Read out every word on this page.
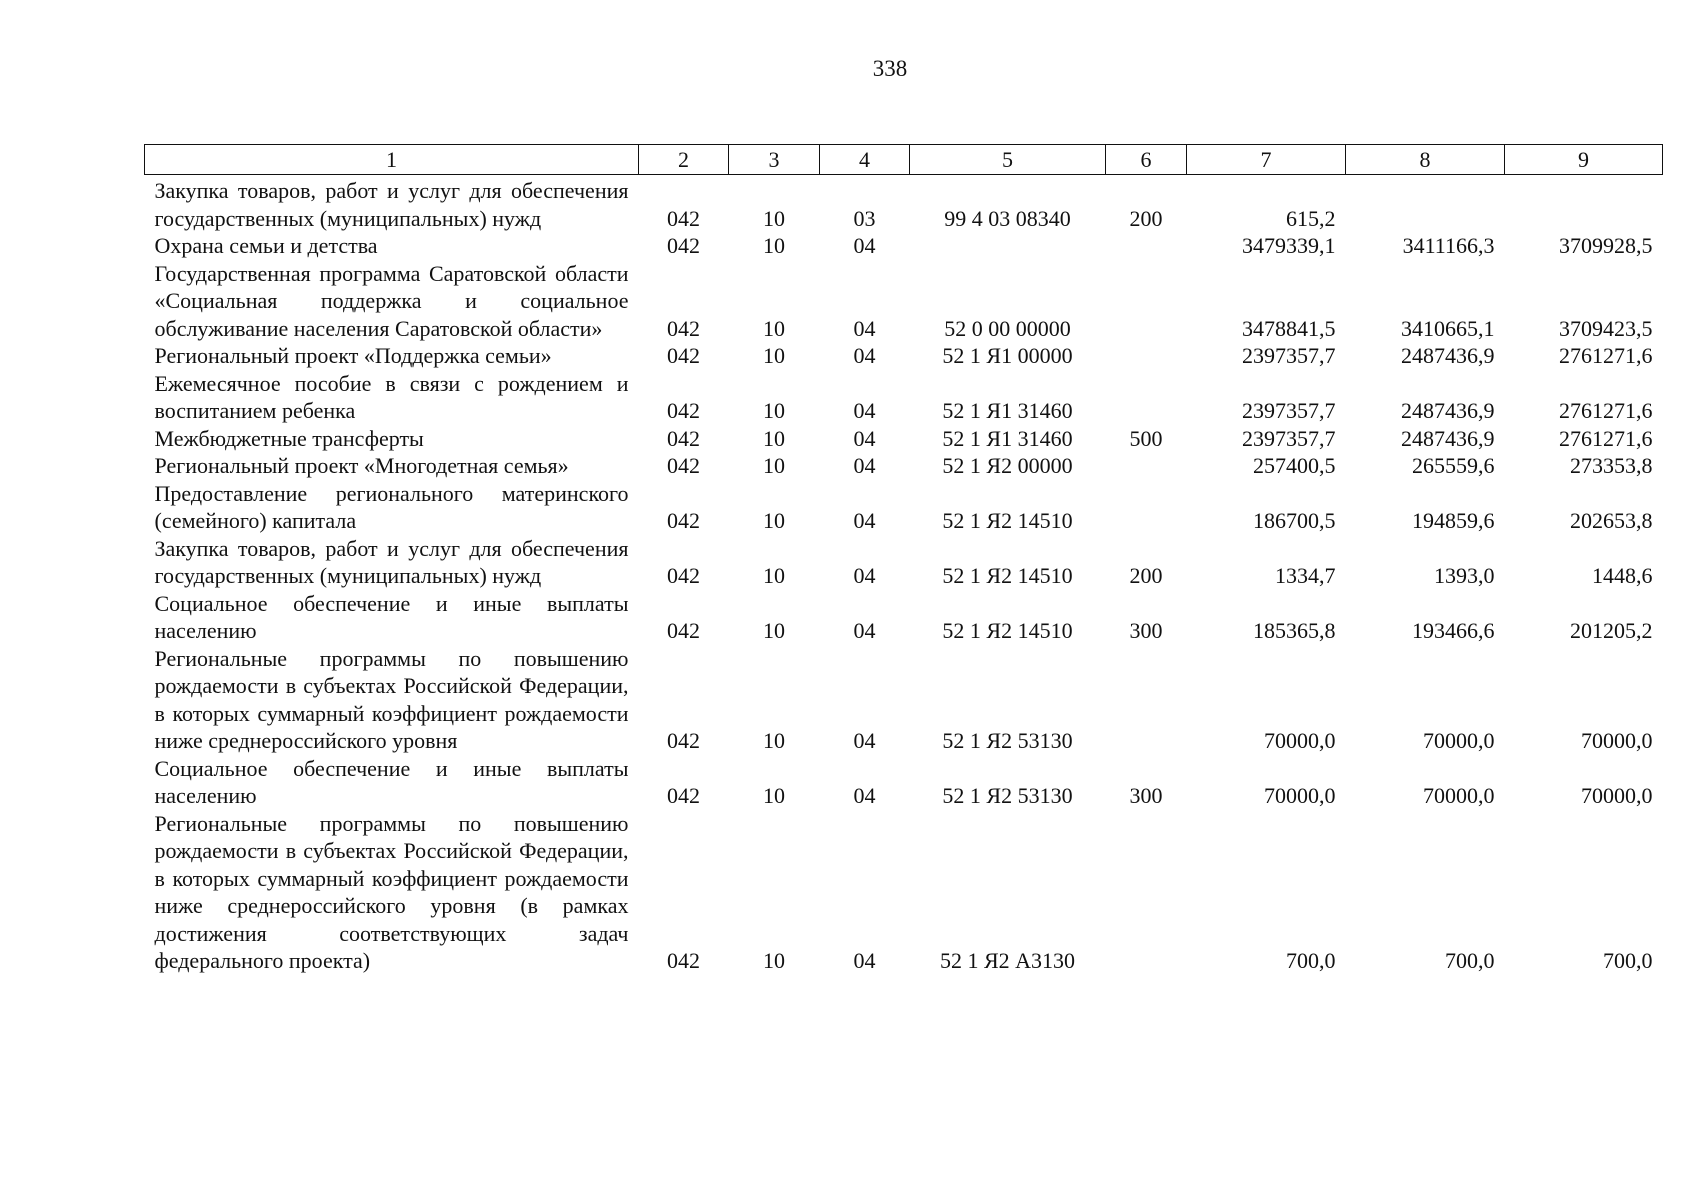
338
1	2	3	4	5	6	7	8	9

Закупка товаров, работ и услуг для обеспечения государственных (муниципальных) нужд	042	10	03	99 4 03 08340	200	615,2		

Охрана семьи и детства	042	10	04			3479339,1	3411166,3	3709928,5

Государственная программа Саратовской области «Социальная поддержка и социальное обслуживание населения Саратовской области»	042	10	04	52 0 00 00000		3478841,5	3410665,1	3709423,5

Региональный проект «Поддержка семьи»	042	10	04	52 1 Я1 00000		2397357,7	2487436,9	2761271,6

Ежемесячное пособие в связи с рождением и воспитанием ребенка	042	10	04	52 1 Я1 31460		2397357,7	2487436,9	2761271,6

Межбюджетные трансферты	042	10	04	52 1 Я1 31460	500	2397357,7	2487436,9	2761271,6

Региональный проект «Многодетная семья»	042	10	04	52 1 Я2 00000		257400,5	265559,6	273353,8

Предоставление регионального материнского (семейного) капитала	042	10	04	52 1 Я2 14510		186700,5	194859,6	202653,8

Закупка товаров, работ и услуг для обеспечения государственных (муниципальных) нужд	042	10	04	52 1 Я2 14510	200	1334,7	1393,0	1448,6

Социальное обеспечение и иные выплаты населению	042	10	04	52 1 Я2 14510	300	185365,8	193466,6	201205,2

Региональные программы по повышению рождаемости в субъектах Российской Федерации, в которых суммарный коэффициент рождаемости ниже среднероссийского уровня	042	10	04	52 1 Я2 53130		70000,0	70000,0	70000,0

Социальное обеспечение и иные выплаты населению	042	10	04	52 1 Я2 53130	300	70000,0	70000,0	70000,0

Региональные программы по повышению рождаемости в субъектах Российской Федерации, в которых суммарный коэффициент рождаемости ниже среднероссийского уровня (в рамках достижения соответствующих задач федерального проекта)	042	10	04	52 1 Я2 А3130		700,0	700,0	700,0
